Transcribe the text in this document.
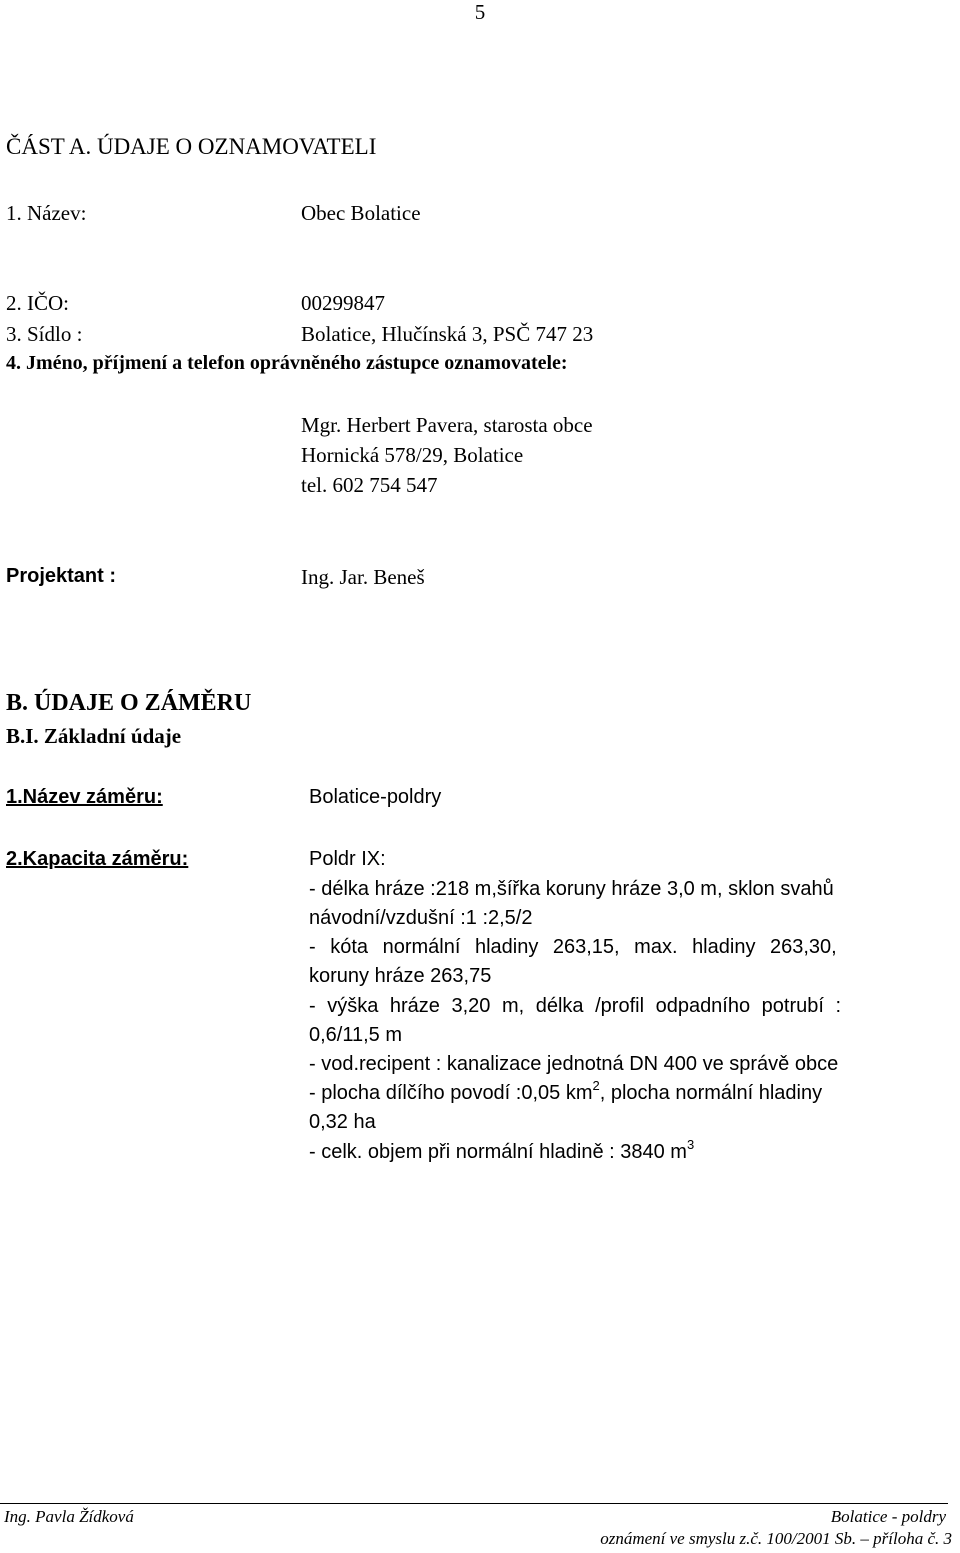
5
ČÁST A. ÚDAJE O OZNAMOVATELI
1. Název:	Obec Bolatice
2. IČO:	00299847
3. Sídlo :	Bolatice, Hlučínská 3, PSČ 747 23
4. Jméno, příjmení a telefon oprávněného zástupce oznamovatele:
Mgr. Herbert Pavera, starosta obce
Hornická 578/29, Bolatice
tel. 602 754 547
Projektant :	Ing. Jar. Beneš
B. ÚDAJE O ZÁMĚRU
B.I. Základní údaje
1.Název záměru:	Bolatice-poldry
2.Kapacita záměru:	Poldr IX:
- délka hráze :218 m,šířka koruny hráze 3,0 m, sklon svahů
návodní/vzdušní :1 :2,5/2
- kóta normální hladiny 263,15, max. hladiny 263,30,
koruny hráze 263,75
- výška hráze 3,20 m, délka /profil odpadního potrubí :
0,6/11,5 m
- vod.recipent : kanalizace jednotná DN 400 ve správě obce
- plocha dílčího povodí :0,05 $km^2$, plocha normální hladiny
0,32 ha
- celk. objem při normální hladině : 3840 $m^3$
Ing. Pavla Žídková	Bolatice - poldry
oznámení ve smyslu z.č. 100/2001 Sb. – příloha č. 3
